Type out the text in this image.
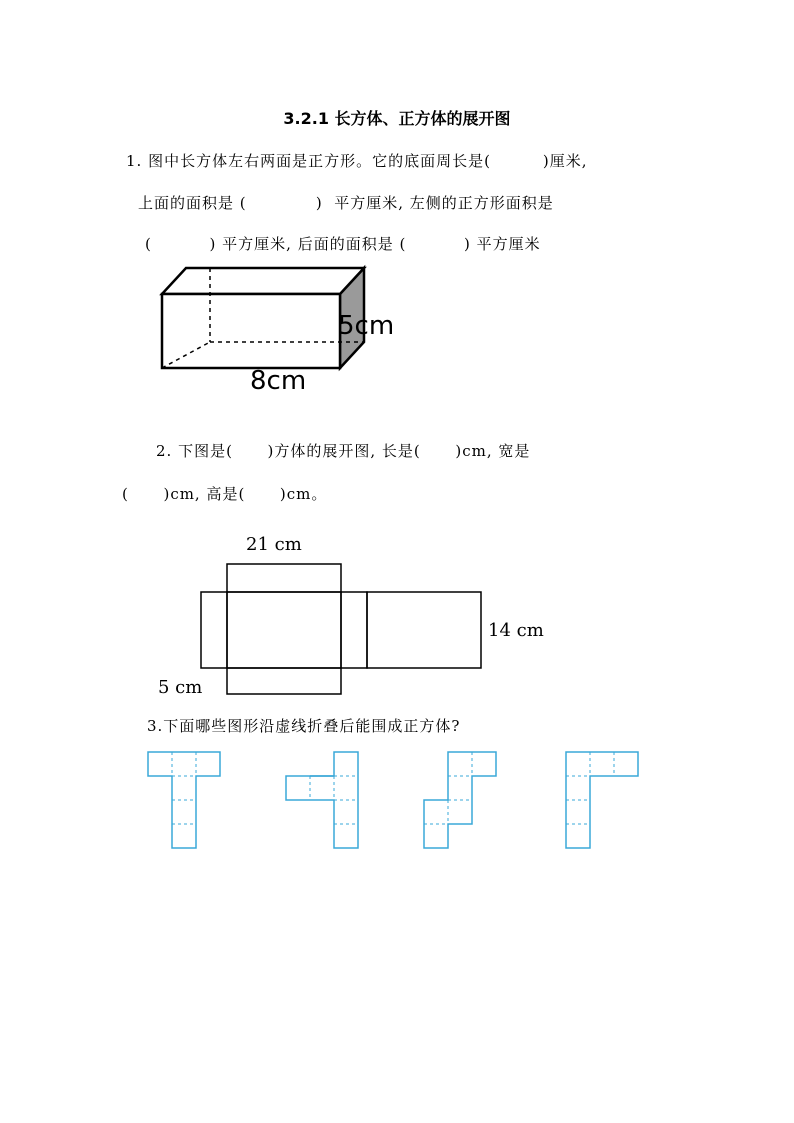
3.2.1 长方体、正方体的展开图
1. 图中长方体左右两面是正方形。它的底面周长是(         )厘米,
上面的面积是 (            )  平方厘米, 左侧的正方形面积是
(          ) 平方厘米, 后面的面积是 (          ) 平方厘米
5cm
8cm
2. 下图是(      )方体的展开图, 长是(      )cm, 宽是
(      )cm, 高是(      )cm。
21 cm
14 cm
5 cm
3.下面哪些图形沿虚线折叠后能围成正方体?
